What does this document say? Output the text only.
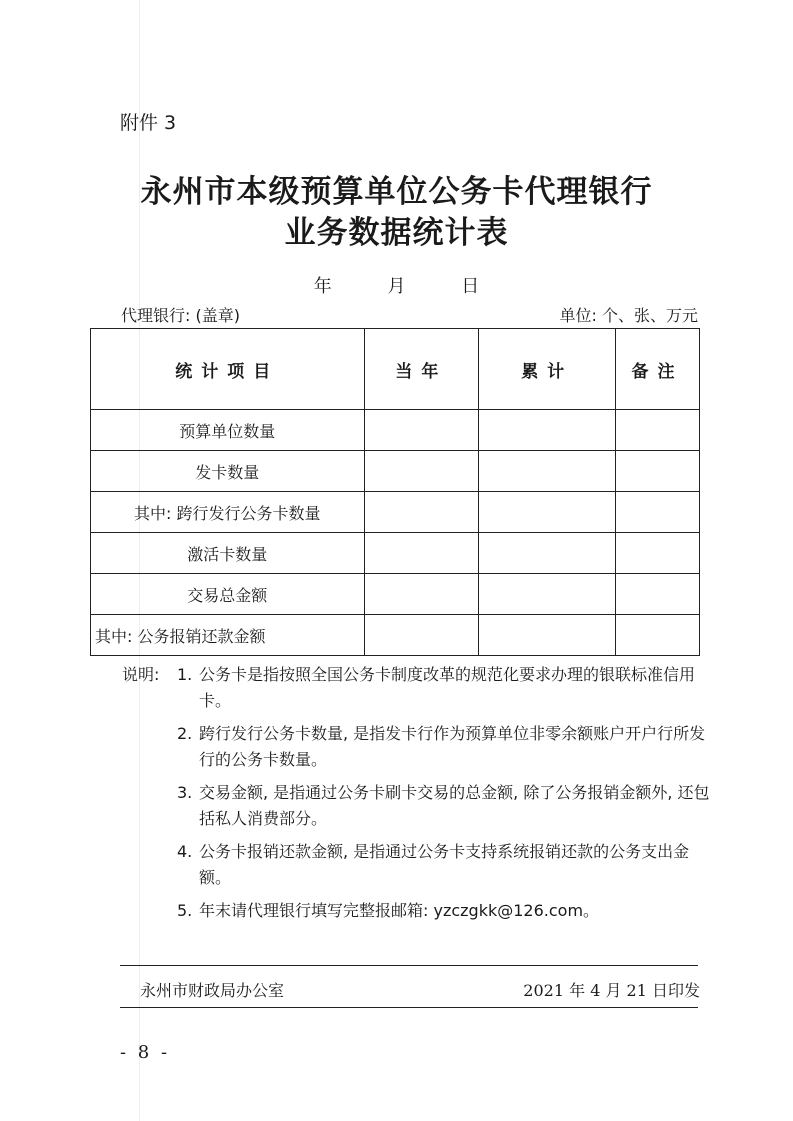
附件 3
永州市本级预算单位公务卡代理银行
业务数据统计表
年	月	日
代理银行: (盖章)	单位: 个、张、万元
统计项目	当年	累计	备注
预算单位数量			
发卡数量			
其中: 跨行发行公务卡数量			
激活卡数量			
交易总金额			
其中: 公务报销还款金额			
说明: 1. 公务卡是指按照全国公务卡制度改革的规范化要求办理的银联标准信用卡。
2. 跨行发行公务卡数量, 是指发卡行作为预算单位非零余额账户开户行所发行的公务卡数量。
3. 交易金额, 是指通过公务卡刷卡交易的总金额, 除了公务报销金额外, 还包括私人消费部分。
4. 公务卡报销还款金额, 是指通过公务卡支持系统报销还款的公务支出金额。
5. 年末请代理银行填写完整报邮箱: yzczgkk@126.com。
永州市财政局办公室	2021 年 4 月 21 日印发
- 8 -
